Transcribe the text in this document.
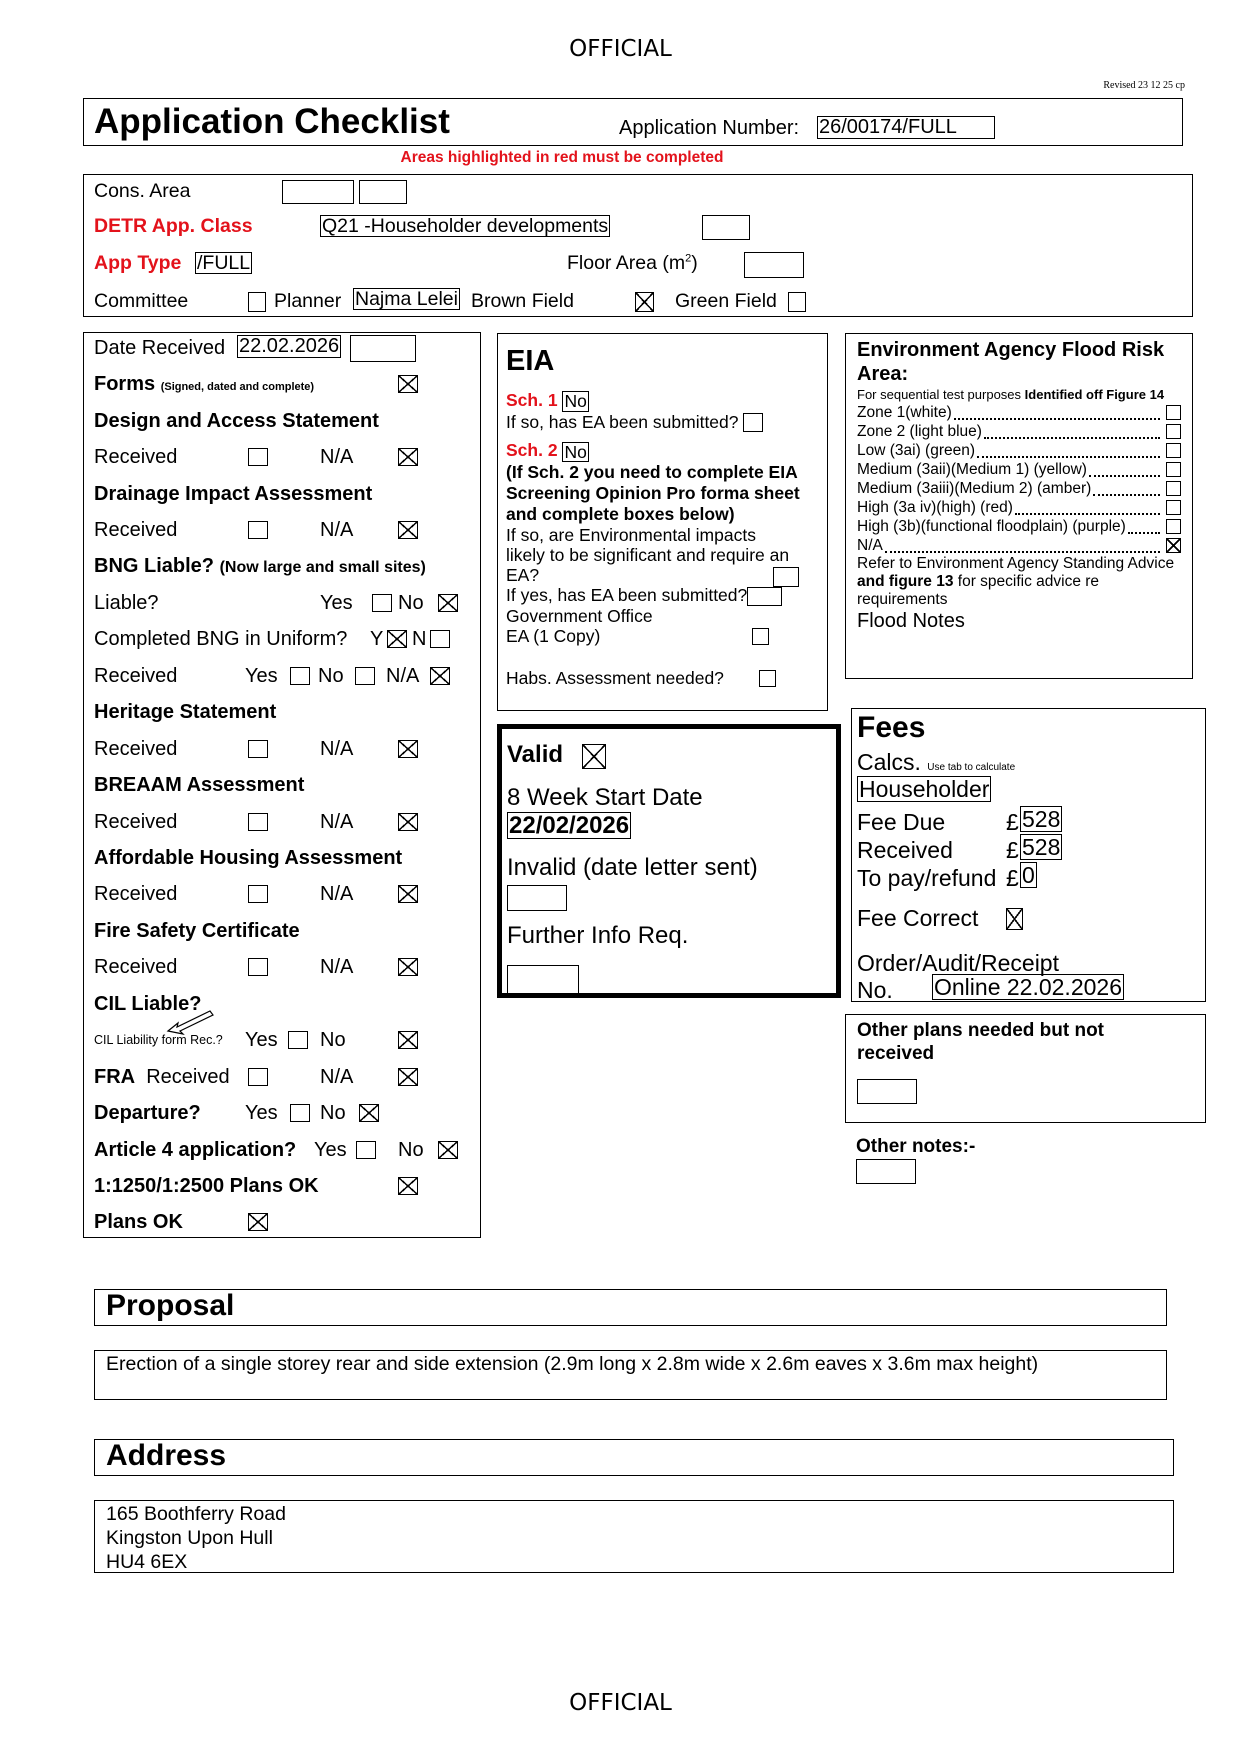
OFFICIAL
Revised 23 12 25 cp
Application Checklist	Application Number: 26/00174/FULL
Areas highlighted in red must be completed
Cons. Area
DETR App. Class	Q21 -Householder developments
App Type /FULL	Floor Area $(m^2)$
Committee	Planner Najma Lelei Brown Field	Green Field
Date Received 22.02.2026
Forms (Signed, dated and complete)
Design and Access Statement
Received	N/A
Drainage Impact Assessment
Received	N/A
BNG Liable? (Now large and small sites)
Liable?	Yes No
Completed BNG in Uniform? Y N
Received	Yes No N/A
Heritage Statement
Received	N/A
BREAAM Assessment
Received	N/A
Affordable Housing Assessment
Received	N/A
Fire Safety Certificate
Received	N/A
CIL Liable?
CIL Liability form Rec.? Yes No
FRA Received	N/A
Departure? Yes No
Article 4 application? Yes	No
1:1250/1:2500 Plans OK
Plans OK
EIA
Sch. 1 No
If so, has EA been submitted?
Sch. 2 No
(If Sch. 2 you need to complete EIA Screening Opinion Pro forma sheet and complete boxes below)
If so, are Environmental impacts likely to be significant and require an EA?
If yes, has EA been submitted?
Government Office
EA (1 Copy)
Habs. Assessment needed?
Environment Agency Flood Risk Area:
For sequential test purposes Identified off Figure 14
Zone 1(white)
Zone 2 (light blue)
Low (3ai) (green)
Medium (3aii)(Medium 1) (yellow)
Medium (3aiii)(Medium 2) (amber)
High (3a iv)(high) (red)
High (3b)(functional floodplain) (purple)
N/A
Refer to Environment Agency Standing Advice and figure 13 for specific advice re requirements
Flood Notes
Valid
8 Week Start Date
22/02/2026
Invalid (date letter sent)
Further Info Req.
Fees
Calcs. Use tab to calculate
Householder
Fee Due	£ 528
Received £ 528
To pay/refund £ 0
Fee Correct
Order/Audit/Receipt
No. Online 22.02.2026
Other plans needed but not received
Other notes:-
Proposal
Erection of a single storey rear and side extension (2.9m long x 2.8m wide x 2.6m eaves x 3.6m max height)
Address
165 Boothferry Road
Kingston Upon Hull
HU4 6EX
OFFICIAL
